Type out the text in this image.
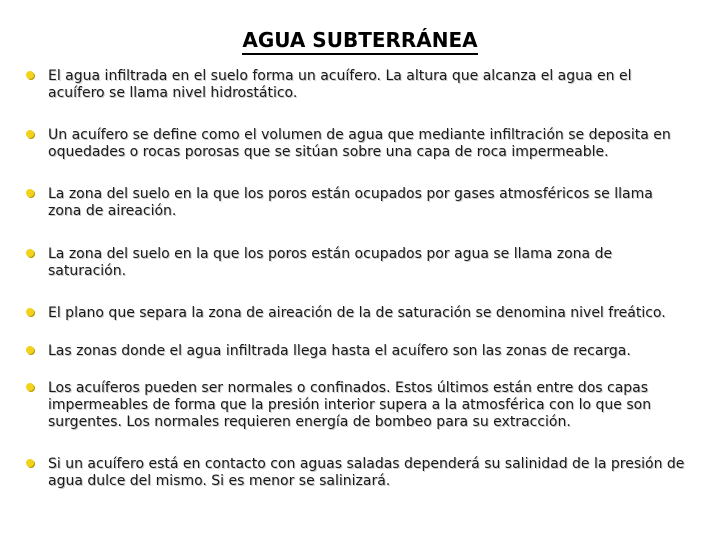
AGUA SUBTERRÁNEA
El agua infiltrada en el suelo forma un acuífero. La altura que alcanza el agua en el acuífero se llama nivel hidrostático.
Un acuífero se define como el volumen de agua que mediante infiltración se deposita en oquedades o rocas porosas que se sitúan sobre una capa de roca impermeable.
La zona del suelo en la que los poros están ocupados por gases atmosféricos se llama zona de aireación.
La zona del suelo en la que los poros están ocupados por agua se llama zona de saturación.
El plano que separa la zona de aireación de la de saturación se denomina nivel freático.
Las zonas donde el agua infiltrada llega hasta el acuífero son las zonas de recarga.
Los acuíferos pueden ser normales o confinados. Estos últimos están entre dos capas impermeables de forma que la presión interior supera a la atmosférica con lo que son surgentes. Los normales requieren energía de bombeo para su extracción.
Si un acuífero está en contacto con aguas saladas dependerá su salinidad de la presión de agua dulce del mismo. Si es menor se salinizará.
